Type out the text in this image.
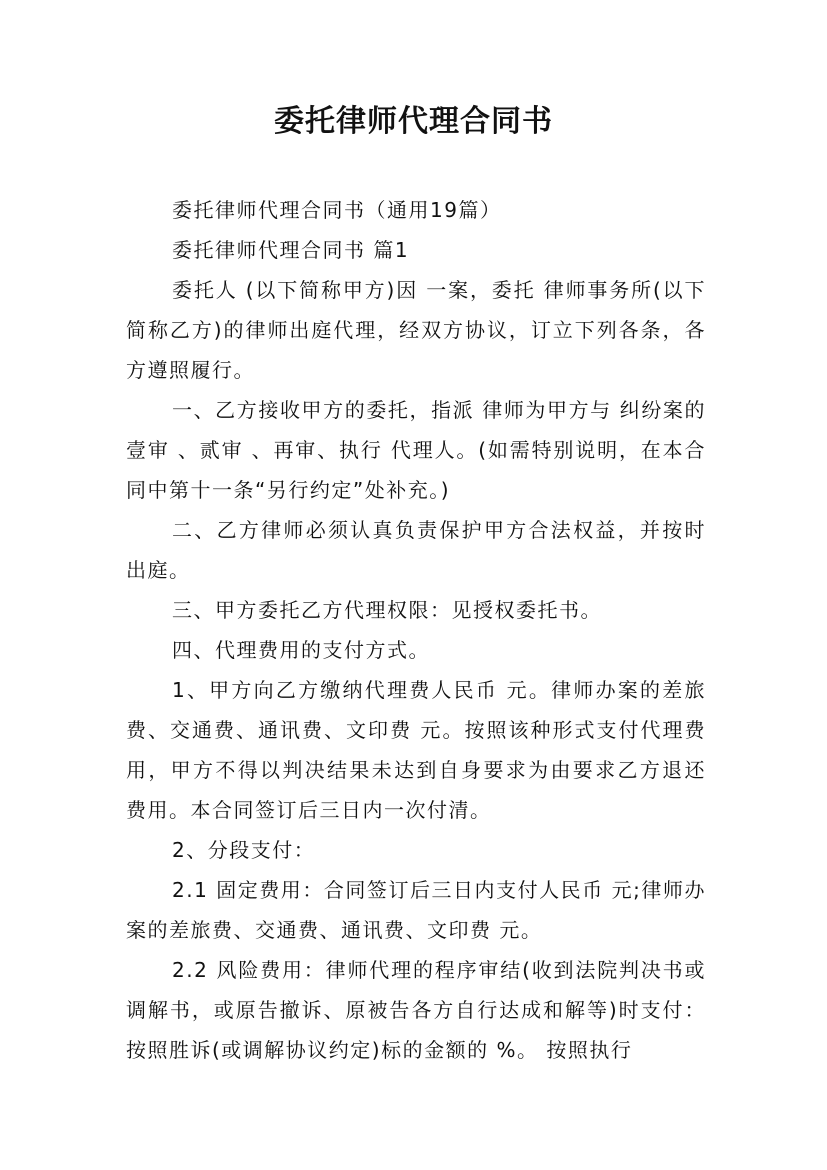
委托律师代理合同书

委托律师代理合同书（通用19篇）

委托律师代理合同书 篇1

委托人 (以下简称甲方)因 一案，委托 律师事务所(以下简称乙方)的律师出庭代理，经双方协议，订立下列各条，各方遵照履行。

一、乙方接收甲方的委托，指派 律师为甲方与 纠纷案的 壹审 、贰审 、再审、执行 代理人。(如需特别说明，在本合同中第十一条“另行约定”处补充。)

二、乙方律师必须认真负责保护甲方合法权益，并按时出庭。

三、甲方委托乙方代理权限：见授权委托书。

四、代理费用的支付方式。

1、甲方向乙方缴纳代理费人民币 元。律师办案的差旅费、交通费、通讯费、文印费 元。按照该种形式支付代理费用，甲方不得以判决结果未达到自身要求为由要求乙方退还费用。本合同签订后三日内一次付清。

2、分段支付：

2.1 固定费用：合同签订后三日内支付人民币 元;律师办案的差旅费、交通费、通讯费、文印费 元。

2.2 风险费用：律师代理的程序审结(收到法院判决书或调解书，或原告撤诉、原被告各方自行达成和解等)时支付：按照胜诉(或调解协议约定)标的金额的 %。 按照执行
